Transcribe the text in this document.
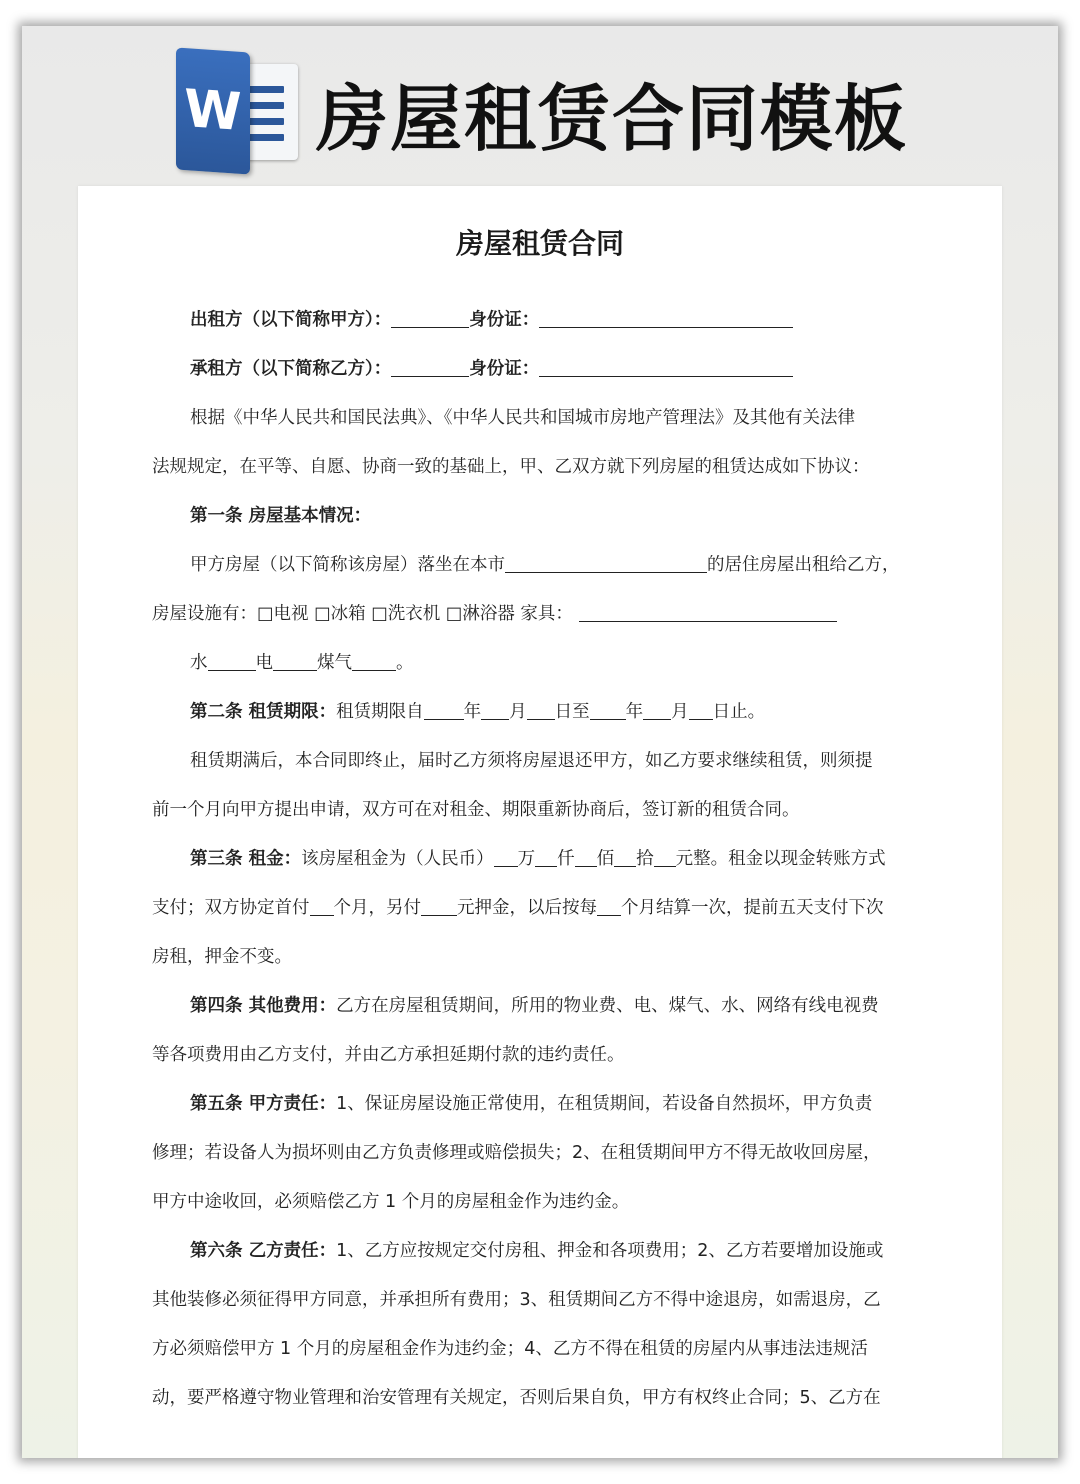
W 房屋租赁合同模板
房屋租赁合同
出租方（以下简称甲方）：	身份证：
承租方（以下简称乙方）：	身份证：
根据《中华人民共和国民法典》、《中华人民共和国城市房地产管理法》及其他有关法律
法规规定，在平等、自愿、协商一致的基础上，甲、乙双方就下列房屋的租赁达成如下协议：
第一条 房屋基本情况：
甲方房屋（以下简称该房屋）落坐在本市	的居住房屋出租给乙方，
房屋设施有：□电视 □冰箱 □洗衣机 □淋浴器 家具：
水	电	煤气	。
第二条 租赁期限：租赁期限自 年 月 日至 年 月 日止。
租赁期满后，本合同即终止，届时乙方须将房屋退还甲方，如乙方要求继续租赁，则须提
前一个月向甲方提出申请，双方可在对租金、期限重新协商后，签订新的租赁合同。
第三条 租金：该房屋租金为（人民币） 万 仟 佰 拾 元整。租金以现金转账方式
支付；双方协定首付 个月，另付 元押金，以后按每 个月结算一次，提前五天支付下次
房租，押金不变。
第四条 其他费用：乙方在房屋租赁期间，所用的物业费、电、煤气、水、网络有线电视费
等各项费用由乙方支付，并由乙方承担延期付款的违约责任。
第五条 甲方责任：1、保证房屋设施正常使用，在租赁期间，若设备自然损坏，甲方负责
修理；若设备人为损坏则由乙方负责修理或赔偿损失；2、在租赁期间甲方不得无故收回房屋，
甲方中途收回，必须赔偿乙方 1 个月的房屋租金作为违约金。
第六条 乙方责任：1、乙方应按规定交付房租、押金和各项费用；2、乙方若要增加设施或
其他装修必须征得甲方同意，并承担所有费用；3、租赁期间乙方不得中途退房，如需退房，乙
方必须赔偿甲方 1 个月的房屋租金作为违约金；4、乙方不得在租赁的房屋内从事违法违规活
动，要严格遵守物业管理和治安管理有关规定，否则后果自负，甲方有权终止合同；5、乙方在
